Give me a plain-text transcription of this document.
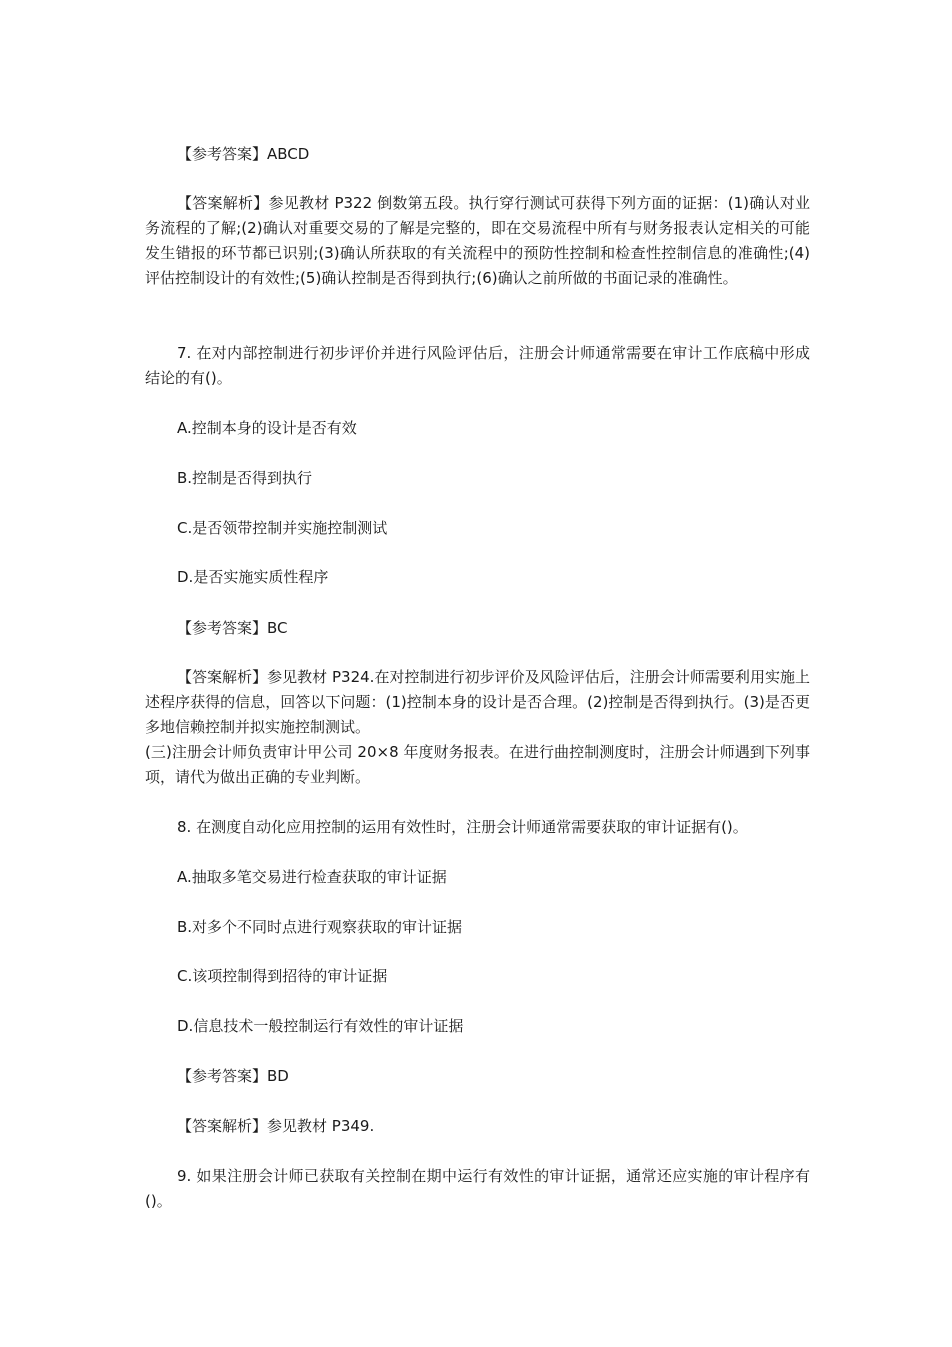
【参考答案】ABCD

【答案解析】参见教材 P322 倒数第五段。执行穿行测试可获得下列方面的证据：(1)确认对业务流程的了解;(2)确认对重要交易的了解是完整的，即在交易流程中所有与财务报表认定相关的可能发生错报的环节都已识别;(3)确认所获取的有关流程中的预防性控制和检查性控制信息的准确性;(4)评估控制设计的有效性;(5)确认控制是否得到执行;(6)确认之前所做的书面记录的准确性。

7. 在对内部控制进行初步评价并进行风险评估后，注册会计师通常需要在审计工作底稿中形成结论的有()。

A.控制本身的设计是否有效

B.控制是否得到执行

C.是否领带控制并实施控制测试

D.是否实施实质性程序

【参考答案】BC

【答案解析】参见教材 P324.在对控制进行初步评价及风险评估后，注册会计师需要利用实施上述程序获得的信息，回答以下问题：(1)控制本身的设计是否合理。(2)控制是否得到执行。(3)是否更多地信赖控制并拟实施控制测试。

(三)注册会计师负责审计甲公司 20×8 年度财务报表。在进行曲控制测度时，注册会计师遇到下列事项，请代为做出正确的专业判断。

8. 在测度自动化应用控制的运用有效性时，注册会计师通常需要获取的审计证据有()。

A.抽取多笔交易进行检查获取的审计证据

B.对多个不同时点进行观察获取的审计证据

C.该项控制得到招待的审计证据

D.信息技术一般控制运行有效性的审计证据

【参考答案】BD

【答案解析】参见教材 P349.

9. 如果注册会计师已获取有关控制在期中运行有效性的审计证据，通常还应实施的审计程序有()。
